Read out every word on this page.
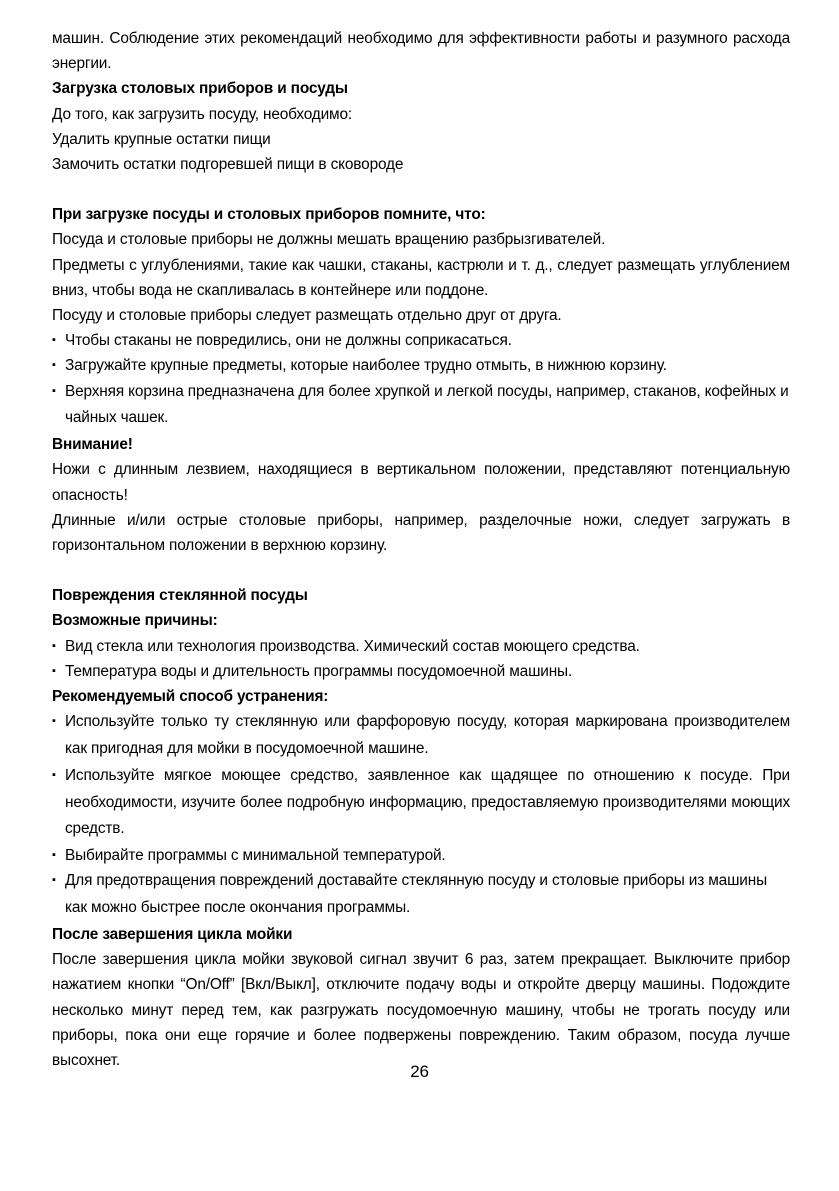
машин. Соблюдение этих рекомендаций необходимо для эффективности работы и разумного расхода энергии.

Загрузка столовых приборов и посуды

До того, как загрузить посуду, необходимо:

Удалить крупные остатки пищи

Замочить остатки подгоревшей пищи в сковороде

При загрузке посуды и столовых приборов помните, что:

Посуда и столовые приборы не должны мешать вращению разбрызгивателей.

Предметы с углублениями, такие как чашки, стаканы, кастрюли и т. д., следует размещать углублением вниз, чтобы вода не скапливалась в контейнере или поддоне.

Посуду и столовые приборы следует размещать отдельно друг от друга.

▪ Чтобы стаканы не повредились, они не должны соприкасаться.
▪ Загружайте крупные предметы, которые наиболее трудно отмыть, в нижнюю корзину.
▪ Верхняя корзина предназначена для более хрупкой и легкой посуды, например, стаканов, кофейных и чайных чашек.

Внимание!

Ножи с длинным лезвием, находящиеся в вертикальном положении, представляют потенциальную опасность!

Длинные и/или острые столовые приборы, например, разделочные ножи, следует загружать в горизонтальном положении в верхнюю корзину.

Повреждения стеклянной посуды

Возможные причины:

▪ Вид стекла или технология производства. Химический состав моющего средства.
▪ Температура воды и длительность программы посудомоечной машины.

Рекомендуемый способ устранения:

▪ Используйте только ту стеклянную или фарфоровую посуду, которая маркирована производителем как пригодная для мойки в посудомоечной машине.
▪ Используйте мягкое моющее средство, заявленное как щадящее по отношению к посуде. При необходимости, изучите более подробную информацию, предоставляемую производителями моющих средств.
▪ Выбирайте программы с минимальной температурой.
▪ Для предотвращения повреждений доставайте стеклянную посуду и столовые приборы из машины как можно быстрее после окончания программы.

После завершения цикла мойки

После завершения цикла мойки звуковой сигнал звучит 6 раз, затем прекращает. Выключите прибор нажатием кнопки “On/Off” [Вкл/Выкл], отключите подачу воды и откройте дверцу машины. Подождите несколько минут перед тем, как разгружать посудомоечную машину, чтобы не трогать посуду или приборы, пока они еще горячие и более подвержены повреждению. Таким образом, посуда лучше высохнет.

26
